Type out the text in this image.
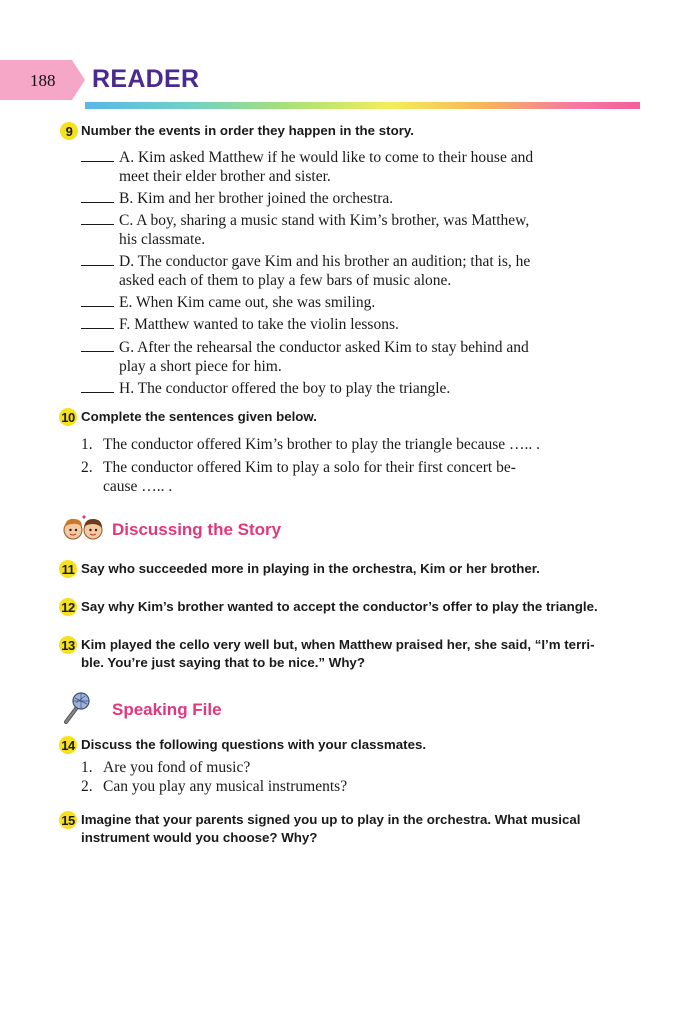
188 READER
9 Number the events in order they happen in the story.
A. Kim asked Matthew if he would like to come to their house and
meet their elder brother and sister.
B. Kim and her brother joined the orchestra.
C. A boy, sharing a music stand with Kim’s brother, was Matthew,
his classmate.
D. The conductor gave Kim and his brother an audition; that is, he
asked each of them to play a few bars of music alone.
E. When Kim came out, she was smiling.
F. Matthew wanted to take the violin lessons.
G. After the rehearsal the conductor asked Kim to stay behind and
play a short piece for him.
H. The conductor offered the boy to play the triangle.
10 Complete the sentences given below.
1. The conductor offered Kim’s brother to play the triangle because ….. .
2. The conductor offered Kim to play a solo for their first concert be-
cause ….. .
Discussing the Story
11 Say who succeeded more in playing in the orchestra, Kim or her brother.
12 Say why Kim’s brother wanted to accept the conductor’s offer to play the triangle.
13 Kim played the cello very well but, when Matthew praised her, she said, “I’m terri-
ble. You’re just saying that to be nice.” Why?
Speaking File
14 Discuss the following questions with your classmates.
1. Are you fond of music?
2. Can you play any musical instruments?
15 Imagine that your parents signed you up to play in the orchestra. What musical
instrument would you choose? Why?
